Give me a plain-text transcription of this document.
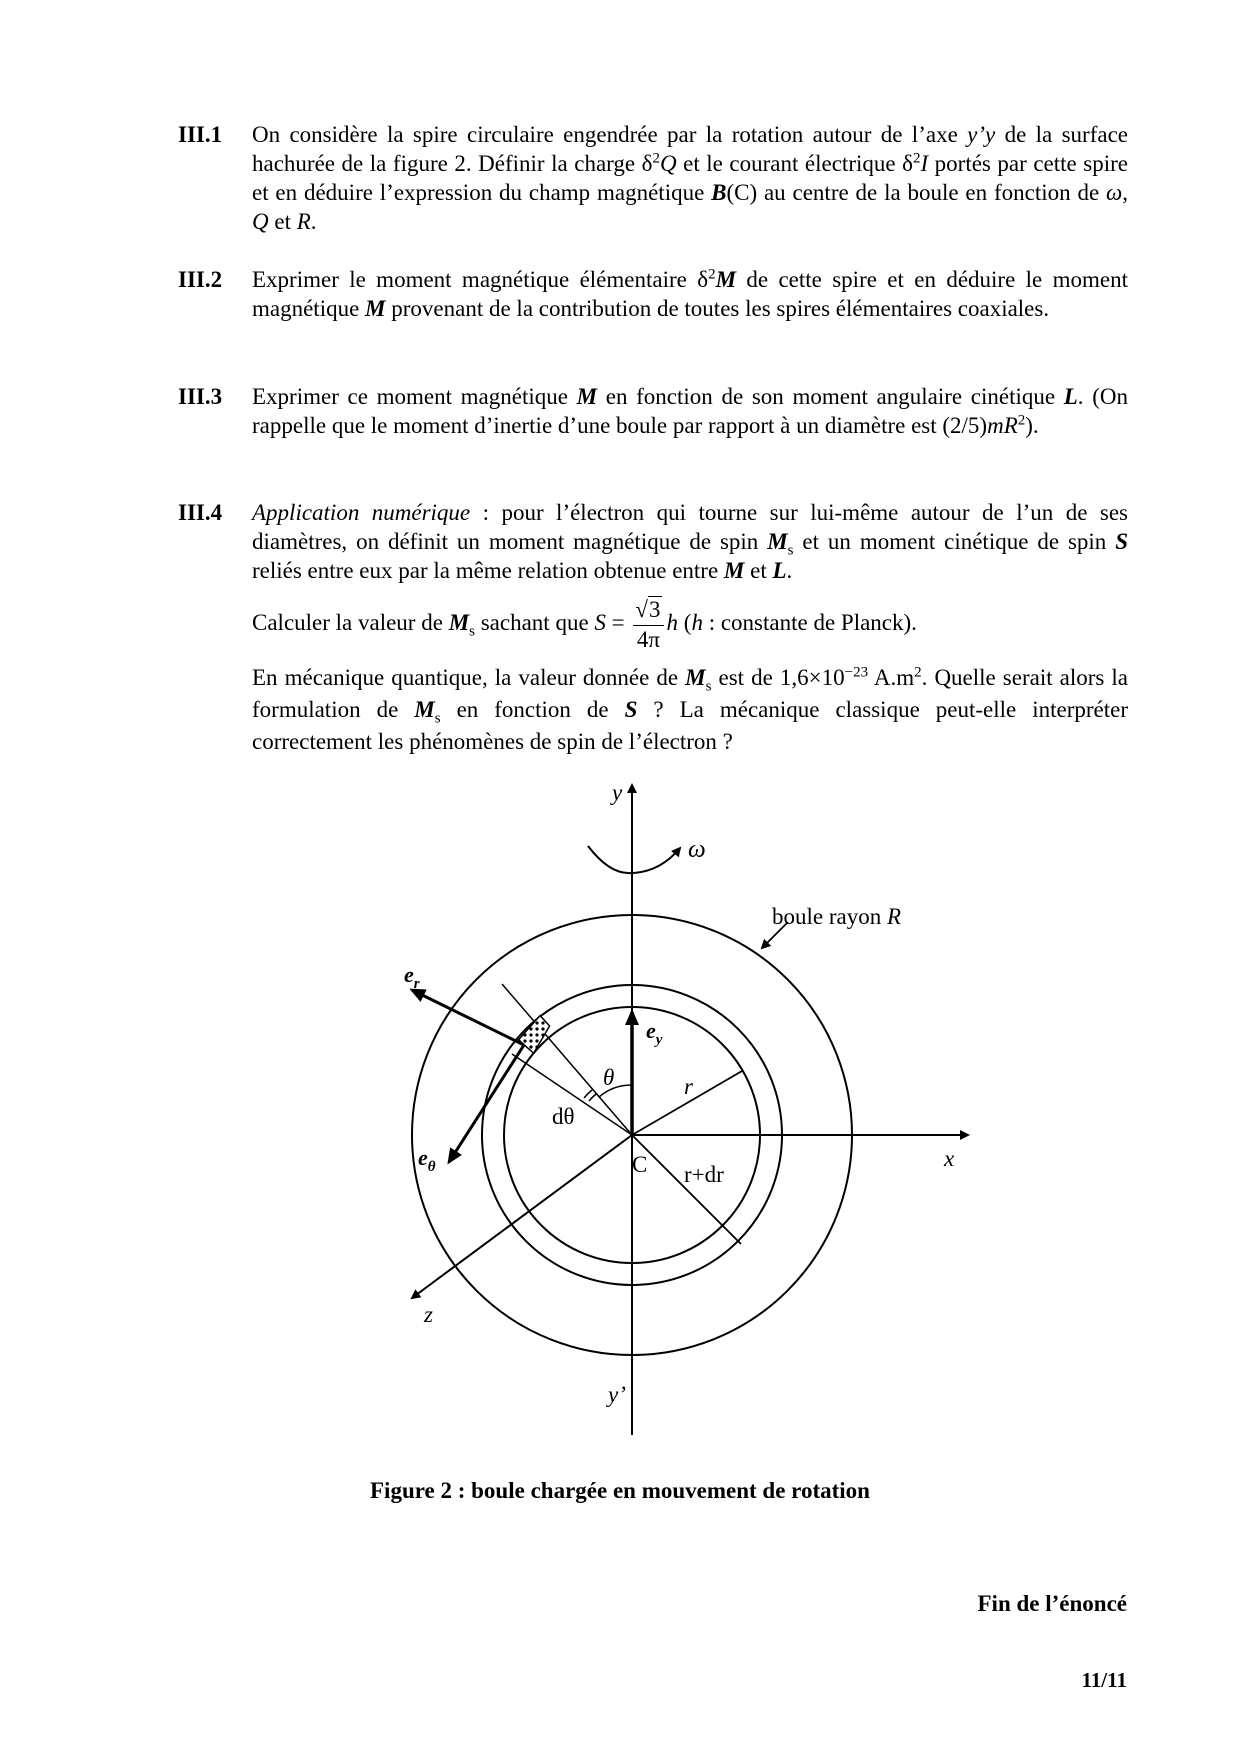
III.1	On considère la spire circulaire engendrée par la rotation autour de l’axe y’y de la surface hachurée de la figure 2. Définir la charge $\delta^2Q$ et le courant électrique $\delta^2I$ portés par cette spire et en déduire l’expression du champ magnétique B(C) au centre de la boule en fonction de ω, Q et R.
III.2	Exprimer le moment magnétique élémentaire $\delta^2M$ de cette spire et en déduire le moment magnétique M provenant de la contribution de toutes les spires élémentaires coaxiales.
III.3	Exprimer ce moment magnétique M en fonction de son moment angulaire cinétique L. (On rappelle que le moment d’inertie d’une boule par rapport à un diamètre est $(2/5)mR^2$).
III.4	Application numérique : pour l’électron qui tourne sur lui-même autour de l’un de ses diamètres, on définit un moment magnétique de spin $M_s$ et un moment cinétique de spin S reliés entre eux par la même relation obtenue entre M et L.

Calculer la valeur de $M_s$ sachant que $S = \frac{√3}{4\pi}$ h (h : constante de Planck).

En mécanique quantique, la valeur donnée de $M_s$ est de $1,6\times 10^{-23}$ $A.m^2$. Quelle serait alors la formulation de $M_s$ en fonction de S ? La mécanique classique peut-elle interpréter correctement les phénomènes de spin de l’électron ?

y
y’
x
z
ω
boule rayon R
$e_r$
$e_\theta$
$e_y$
θ
dθ
C
r
r+dr
Figure 2 : boule chargée en mouvement de rotation
Fin de l’énoncé
11/11
